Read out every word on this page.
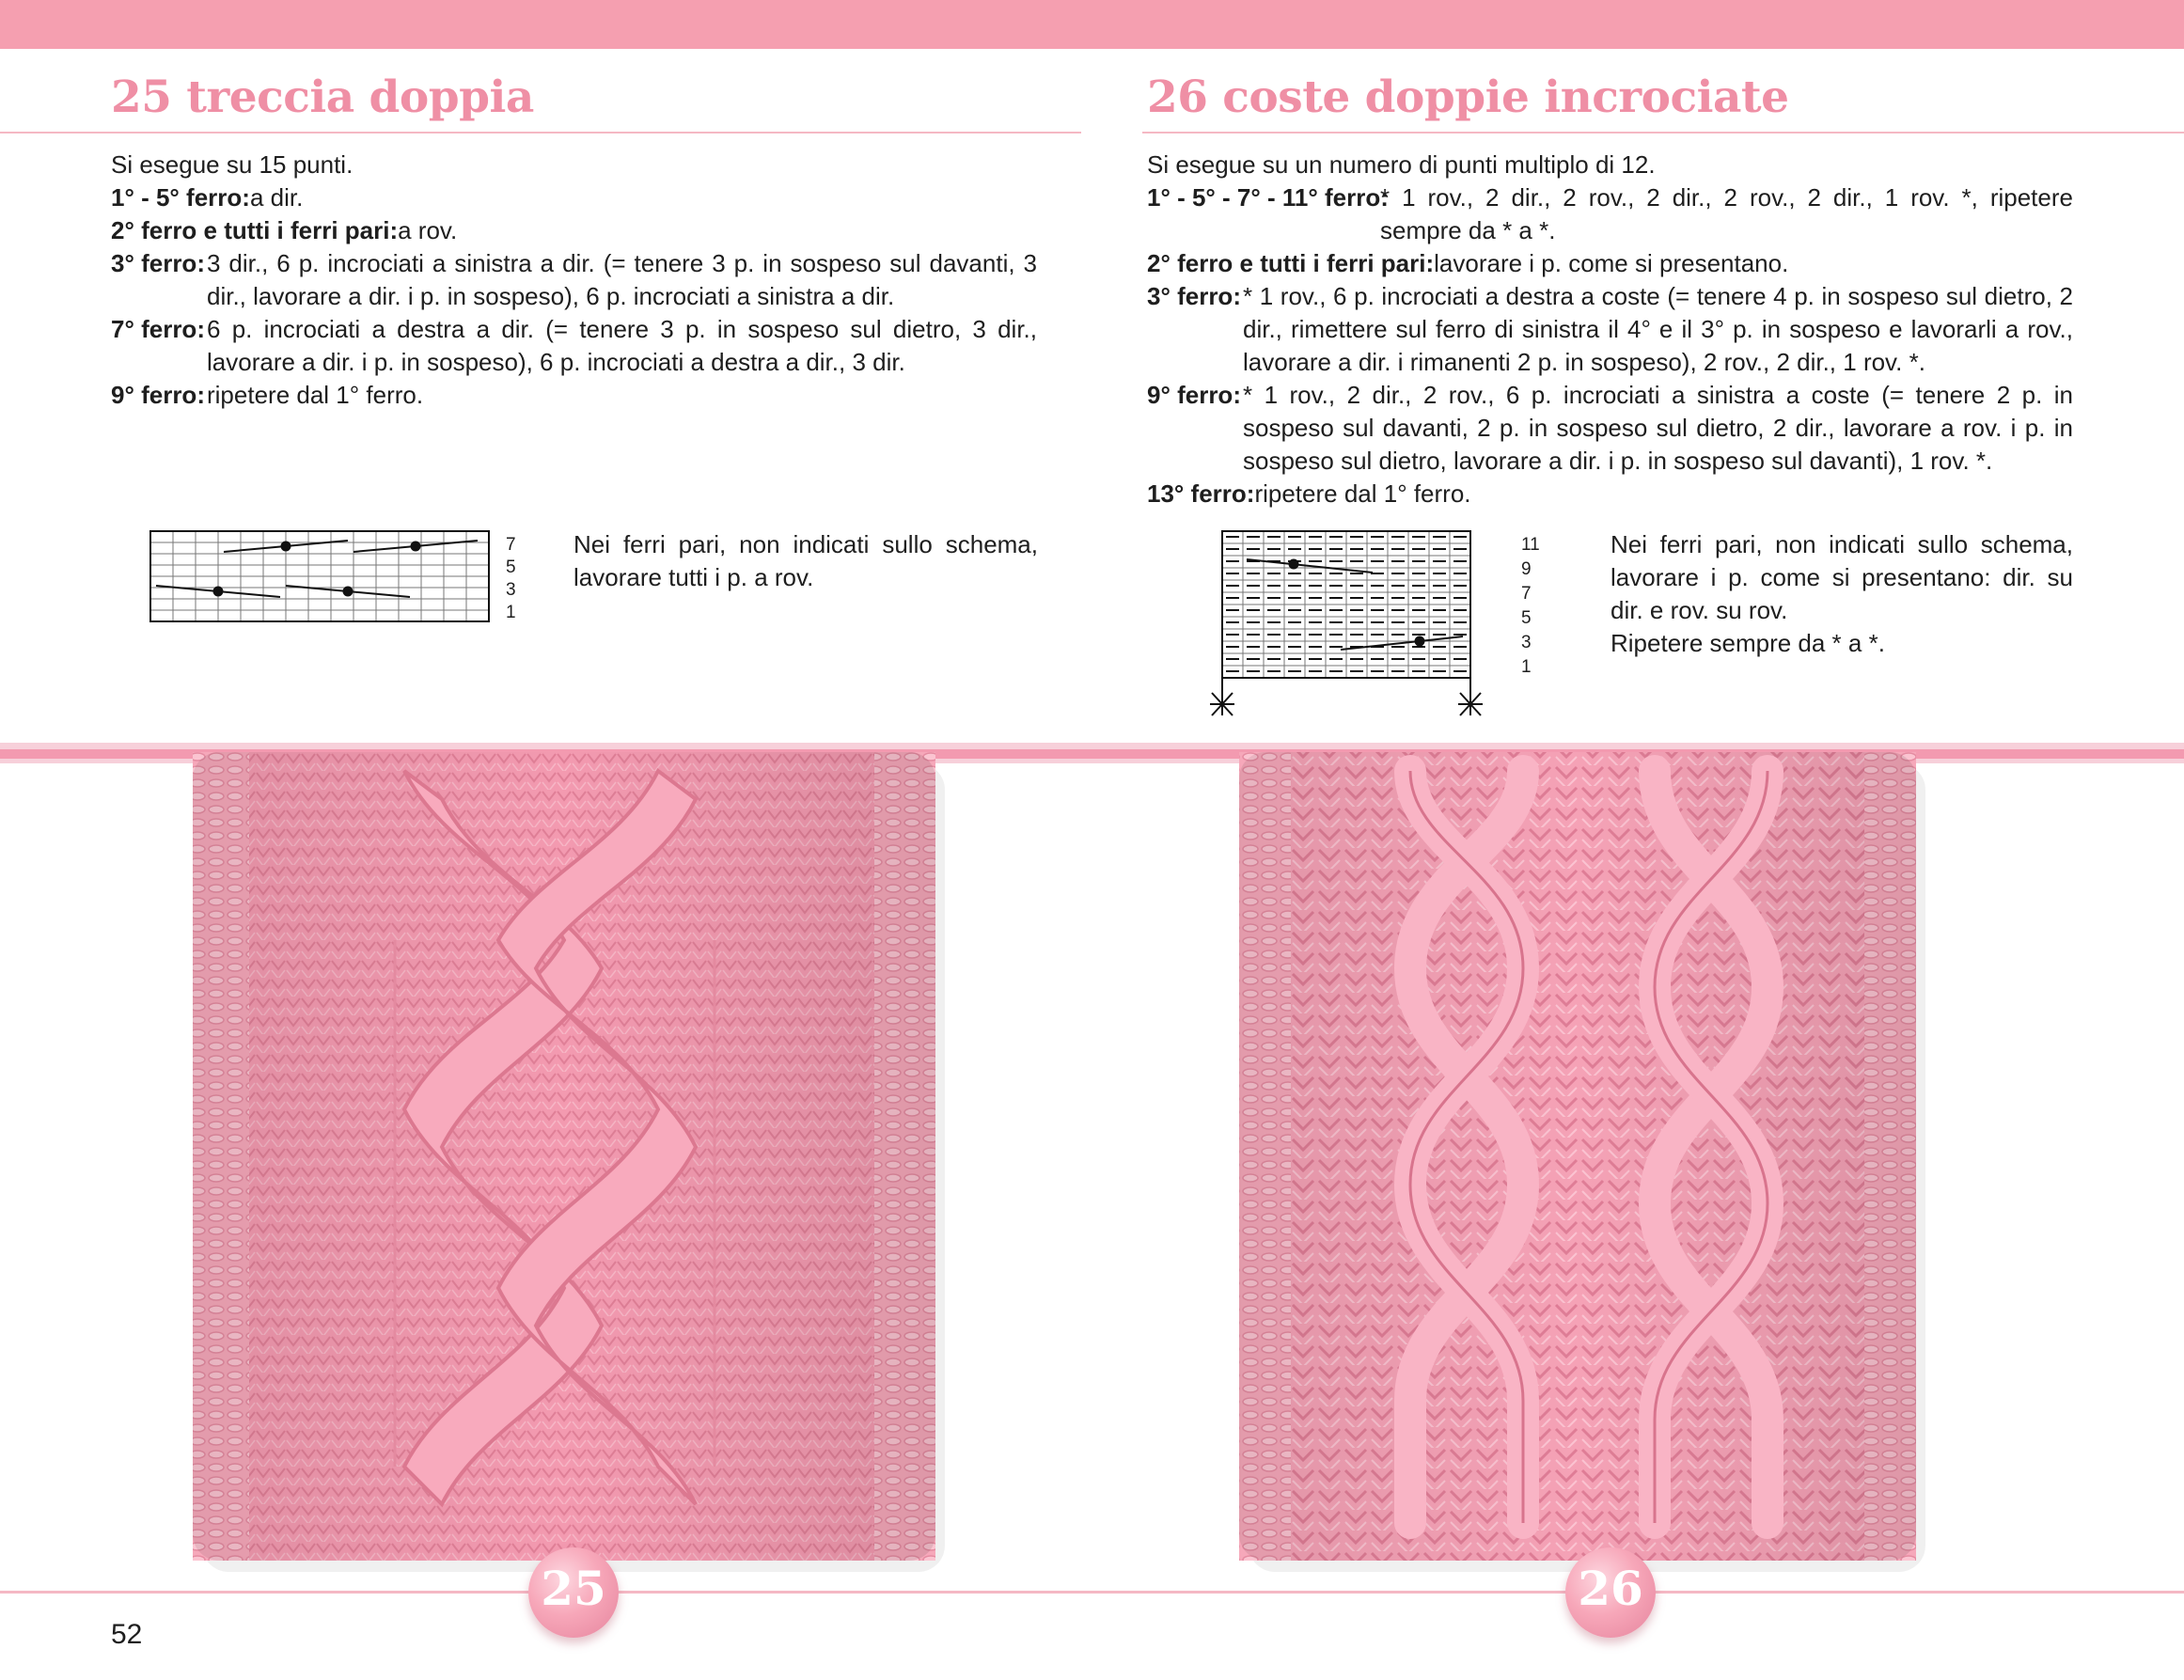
25 treccia doppia
Si esegue su 15 punti.
1° - 5° ferro: a dir.
2° ferro e tutti i ferri pari: a rov.
3° ferro: 3 dir., 6 p. incrociati a sinistra a dir. (= tenere 3 p. in sospeso sul davanti, 3 dir., lavorare a dir. i p. in sospeso), 6 p. incrociati a sinistra a dir.
7° ferro: 6 p. incrociati a destra a dir. (= tenere 3 p. in sospeso sul dietro, 3 dir., lavorare a dir. i p. in sospeso), 6 p. incrociati a destra a dir., 3 dir.
9° ferro: ripetere dal 1° ferro.
7
5
3
1
Nei ferri pari, non indicati sullo schema, lavorare tutti i p. a rov.
26 coste doppie incrociate
Si esegue su un numero di punti multiplo di 12.
1° - 5° - 7° - 11° ferro:
* 1 rov., 2 dir., 2 rov., 2 dir., 2 rov., 2 dir., 1 rov. *, ripetere sempre da * a *.
2° ferro e tutti i ferri pari: lavorare i p. come si presentano.
3° ferro: * 1 rov., 6 p. incrociati a destra a coste (= tenere 4 p. in sospeso sul dietro, 2 dir., rimettere sul ferro di sinistra il 4° e il 3° p. in sospeso e lavorarli a rov., lavorare a dir. i rimanenti 2 p. in sospeso), 2 rov., 2 dir., 1 rov. *.
9° ferro: * 1 rov., 2 dir., 2 rov., 6 p. incrociati a sinistra a coste (= tenere 2 p. in sospeso sul davanti, 2 p. in sospeso sul dietro, 2 dir., lavorare a rov. i p. in sospeso sul dietro, lavorare a dir. i p. in sospeso sul davanti), 1 rov. *.
13° ferro: ripetere dal 1° ferro.
11
9
7
5
3
1
Nei ferri pari, non indicati sullo schema, lavorare i p. come si presentano: dir. su dir. e rov. su rov.
Ripetere sempre da * a *.
25	26
52
